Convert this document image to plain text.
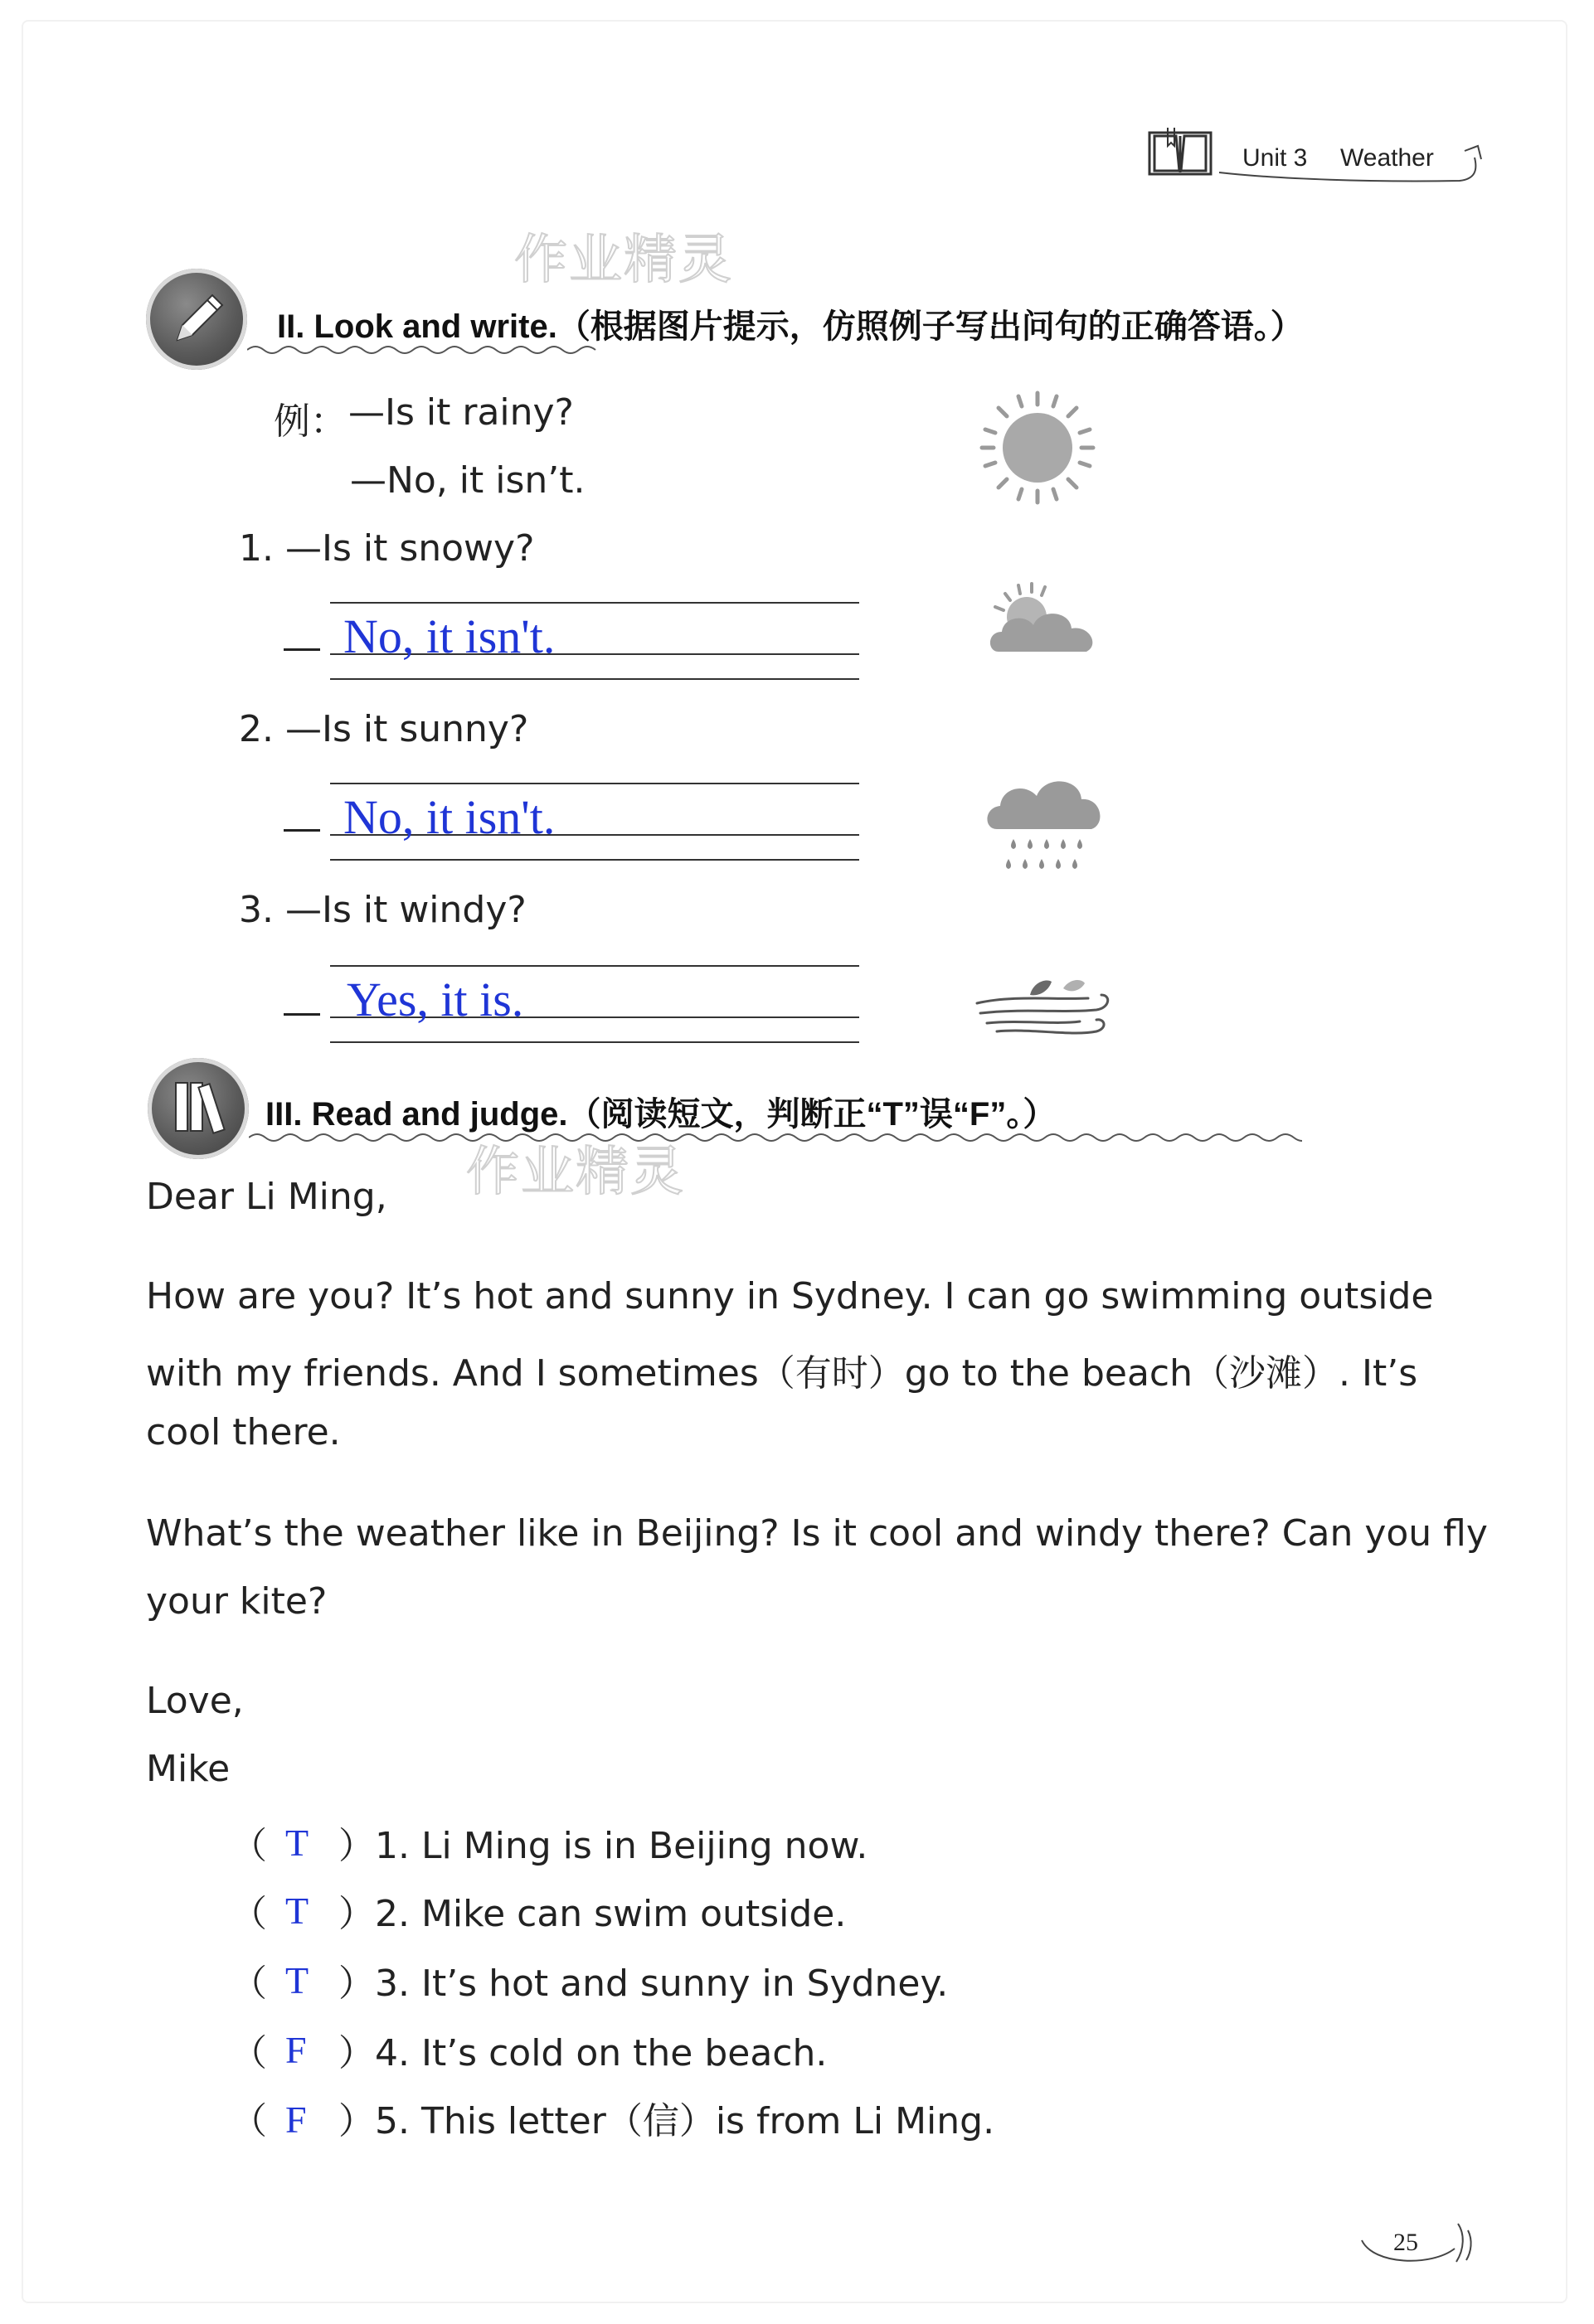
Unit 3 Weather
作业精灵
作业精灵
II. Look and write.（根据图片提示，仿照例子写出问句的正确答语。）
例： —Is it rainy?
—No, it isn’t.
1. —Is it snowy?
No, it isn't.
2. —Is it sunny?
No, it isn't.
3. —Is it windy?
Yes, it is.
III. Read and judge.（阅读短文，判断正“T”误“F”。）
Dear Li Ming,
How are you? It’s hot and sunny in Sydney. I can go swimming outside
with my friends. And I sometimes（有时）go to the beach（沙滩）. It’s
cool there.
What’s the weather like in Beijing? Is it cool and windy there? Can you fly
your kite?
Love,
Mike
（ T ）1. Li Ming is in Beijing now.
（ T ）2. Mike can swim outside.
（ T ）3. It’s hot and sunny in Sydney.
（ F ）4. It’s cold on the beach.
（ F ）5. This letter（信）is from Li Ming.
25
